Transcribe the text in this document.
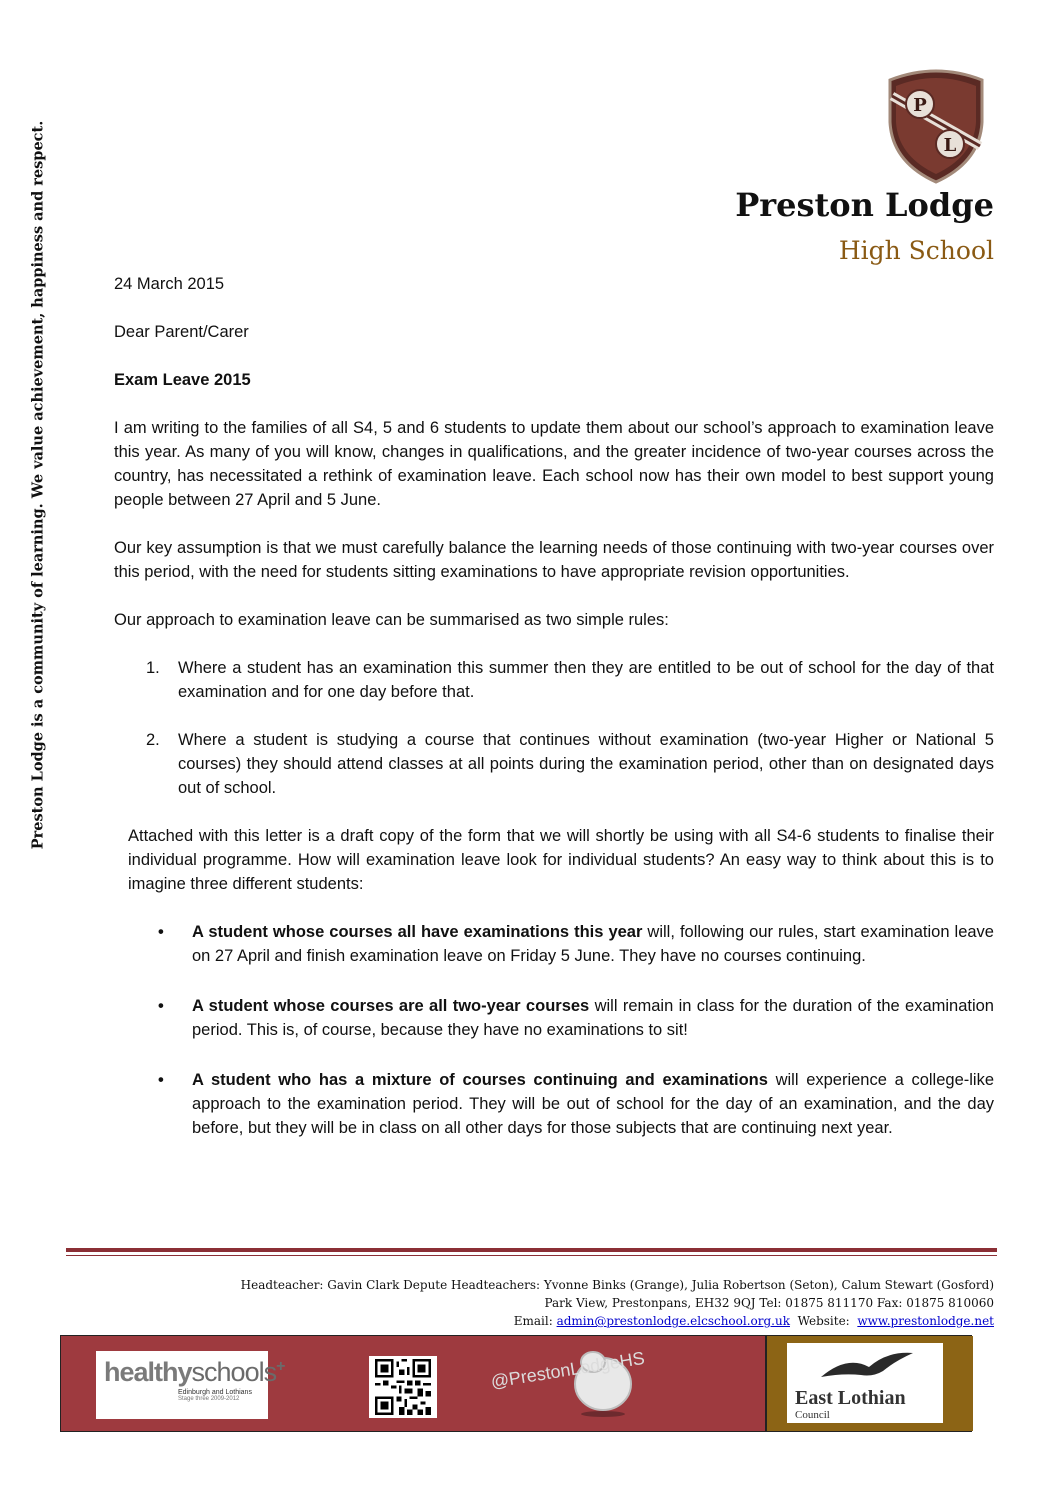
Preston Lodge is a community of learning. We value achievement, happiness and respect.
P
L
Preston Lodge
High School

24 March 2015

Dear Parent/Carer

Exam Leave 2015

I am writing to the families of all S4, 5 and 6 students to update them about our school’s approach to examination leave this year. As many of you will know, changes in qualifications, and the greater incidence of two-year courses across the country, has necessitated a rethink of examination leave. Each school now has their own model to best support young people between 27 April and 5 June.

Our key assumption is that we must carefully balance the learning needs of those continuing with two-year courses over this period, with the need for students sitting examinations to have appropriate revision opportunities.

Our approach to examination leave can be summarised as two simple rules:

1. Where a student has an examination this summer then they are entitled to be out of school for the day of that examination and for one day before that.
2. Where a student is studying a course that continues without examination (two-year Higher or National 5 courses) they should attend classes at all points during the examination period, other than on designated days out of school.

Attached with this letter is a draft copy of the form that we will shortly be using with all S4-6 students to finalise their individual programme. How will examination leave look for individual students? An easy way to think about this is to imagine three different students:

• A student whose courses all have examinations this year will, following our rules, start examination leave on 27 April and finish examination leave on Friday 5 June. They have no courses continuing.
• A student whose courses are all two-year courses will remain in class for the duration of the examination period. This is, of course, because they have no examinations to sit!
• A student who has a mixture of courses continuing and examinations will experience a college-like approach to the examination period. They will be out of school for the day of an examination, and the day before, but they will be in class on all other days for those subjects that are continuing next year.
Headteacher: Gavin Clark Depute Headteachers: Yvonne Binks (Grange), Julia Robertson (Seton), Calum Stewart (Gosford)
Park View, Prestonpans, EH32 9QJ Tel: 01875 811170 Fax: 01875 810060
Email: admin@prestonlodge.elcschool.org.uk  Website:  www.prestonlodge.net
healthyschools+
Edinburgh and Lothians
Stage three 2009-2012
@PrestonLodgeHS
East Lothian
Council
